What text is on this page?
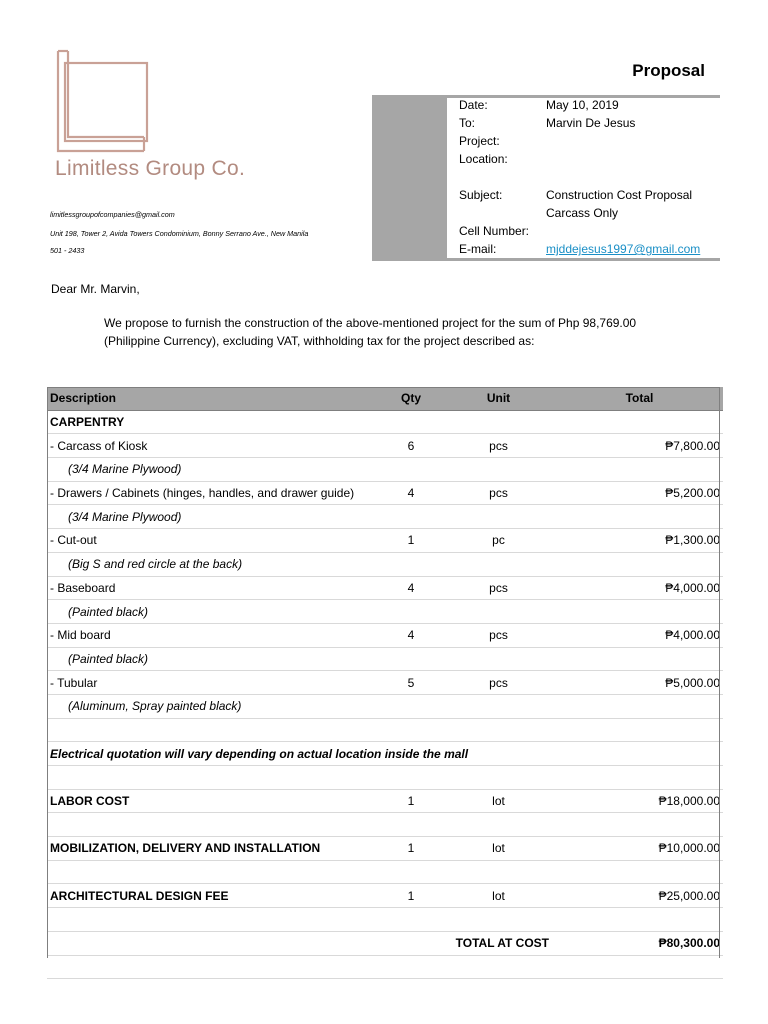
Limitless Group Co.
limitlessgroupofcompanies@gmail.com
Unit 198, Tower 2, Avida Towers Condominium, Bonny Serrano Ave., New Manila
501 - 2433
Proposal
Date:	May 10, 2019
To:	Marvin De Jesus
Project:
Location:
Subject:	Construction Cost Proposal
Carcass Only
Cell Number:
E-mail:	mjddejesus1997@gmail.com
Dear Mr. Marvin,
We propose to furnish the construction of the above-mentioned project for the sum of Php 98,769.00
(Philippine Currency), excluding VAT, withholding tax for the project described as:
Description	Qty	Unit	Total
CARPENTRY			
- Carcass of Kiosk	6	pcs	₱7,800.00
(3/4 Marine Plywood)			
- Drawers / Cabinets (hinges, handles, and drawer guide)	4	pcs	₱5,200.00
(3/4 Marine Plywood)			
- Cut-out	1	pc	₱1,300.00
(Big S and red circle at the back)			
- Baseboard	4	pcs	₱4,000.00
(Painted black)			
- Mid board	4	pcs	₱4,000.00
(Painted black)			
- Tubular	5	pcs	₱5,000.00
(Aluminum, Spray painted black)			

Electrical quotation will vary depending on actual location inside the mall			

LABOR COST	1	lot	₱18,000.00

MOBILIZATION, DELIVERY AND INSTALLATION	1	lot	₱10,000.00

ARCHITECTURAL DESIGN FEE	1	lot	₱25,000.00

TOTAL AT COST			₱80,300.00
